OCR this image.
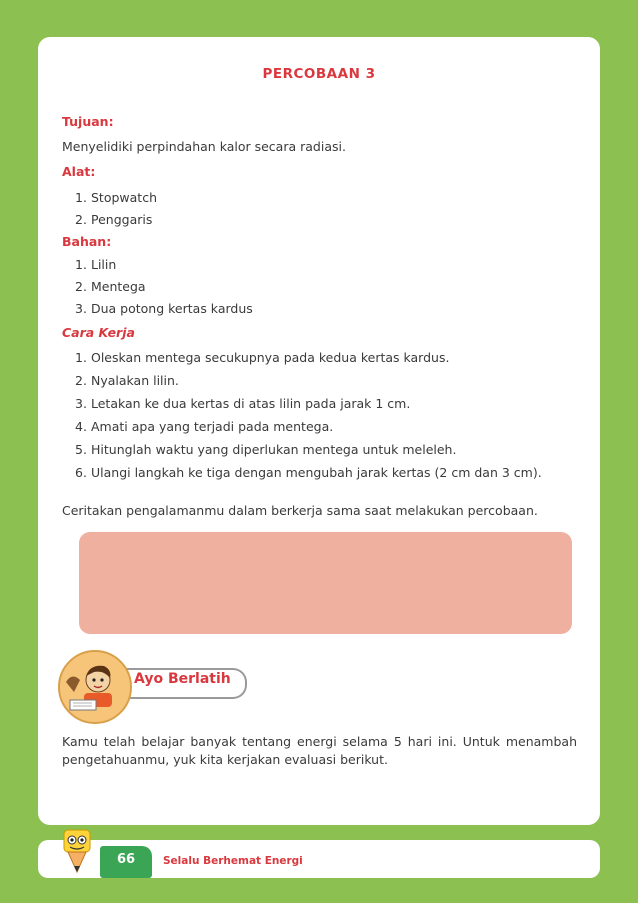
PERCOBAAN 3
Tujuan:
Menyelidiki perpindahan kalor secara radiasi.
Alat:
1. Stopwatch
2. Penggaris
Bahan:
1. Lilin
2. Mentega
3. Dua potong kertas kardus
Cara Kerja
1. Oleskan mentega secukupnya pada kedua kertas kardus.
2. Nyalakan lilin.
3. Letakan ke dua kertas di atas lilin pada jarak 1 cm.
4. Amati apa yang terjadi pada mentega.
5. Hitunglah waktu yang diperlukan mentega untuk meleleh.
6. Ulangi langkah ke tiga dengan mengubah jarak kertas (2 cm dan 3 cm).
Ceritakan pengalamanmu dalam berkerja sama saat melakukan percobaan.
Ayo Berlatih
Kamu telah belajar banyak tentang energi selama 5 hari ini. Untuk menambah pengetahuanmu, yuk kita kerjakan evaluasi berikut.
66	Selalu Berhemat Energi
